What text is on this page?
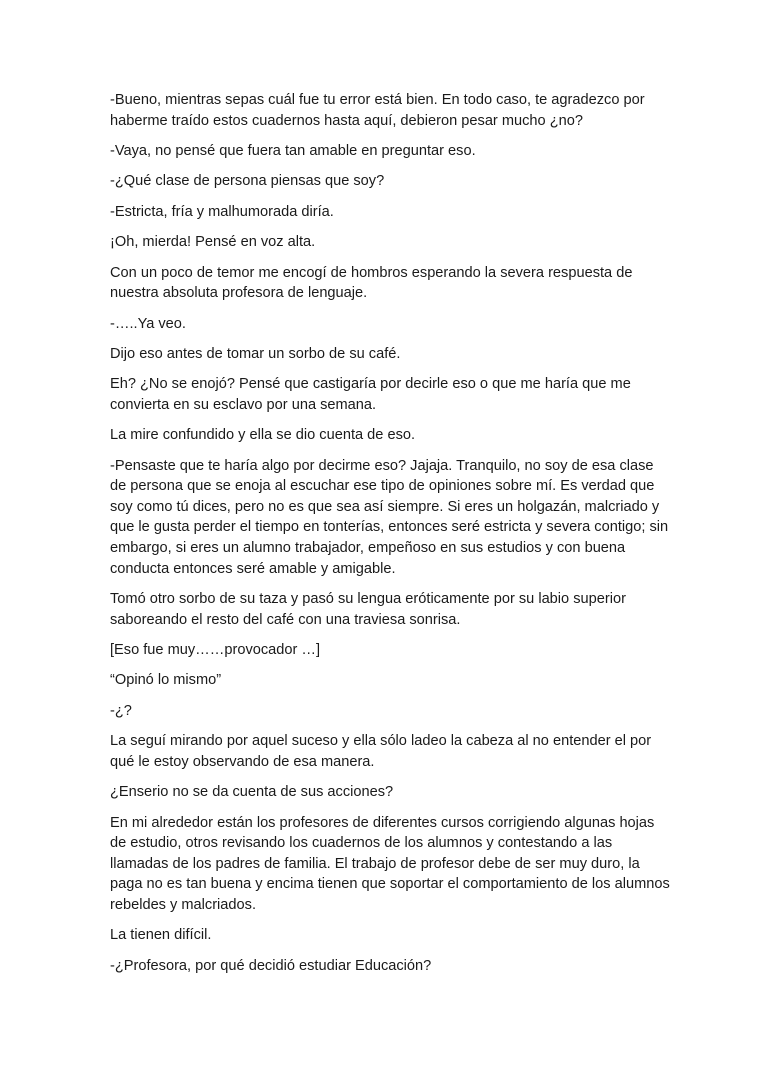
-Bueno, mientras sepas cuál fue tu error está bien. En todo caso, te agradezco por haberme traído estos cuadernos hasta aquí, debieron pesar mucho ¿no?

-Vaya, no pensé que fuera tan amable en preguntar eso.

-¿Qué clase de persona piensas que soy?

-Estricta, fría y malhumorada diría.

¡Oh, mierda! Pensé en voz alta.

Con un poco de temor me encogí de hombros esperando la severa respuesta de nuestra absoluta profesora de lenguaje.

-…..Ya veo.

Dijo eso antes de tomar un sorbo de su café.

Eh? ¿No se enojó? Pensé que castigaría por decirle eso o que me haría que me convierta en su esclavo por una semana.

La mire confundido y ella se dio cuenta de eso.

-Pensaste que te haría algo por decirme eso? Jajaja. Tranquilo, no soy de esa clase de persona que se enoja al escuchar ese tipo de opiniones sobre mí. Es verdad que soy como tú dices, pero no es que sea así siempre. Si eres un holgazán, malcriado y que le gusta perder el tiempo en tonterías, entonces seré estricta y severa contigo; sin embargo, si eres un alumno trabajador, empeñoso en sus estudios y con buena conducta entonces seré amable y amigable.

Tomó otro sorbo de su taza y pasó su lengua eróticamente por su labio superior saboreando el resto del café con una traviesa sonrisa.

[Eso fue muy……provocador …]

“Opinó lo mismo”

-¿?

La seguí mirando por aquel suceso y ella sólo ladeo la cabeza al no entender el por qué le estoy observando de esa manera.

¿Enserio no se da cuenta de sus acciones?

En mi alrededor están los profesores de diferentes cursos corrigiendo algunas hojas de estudio, otros revisando los cuadernos de los alumnos y contestando a las llamadas de los padres de familia. El trabajo de profesor debe de ser muy duro, la paga no es tan buena y encima tienen que soportar el comportamiento de los alumnos rebeldes y malcriados.

La tienen difícil.

-¿Profesora, por qué decidió estudiar Educación?
